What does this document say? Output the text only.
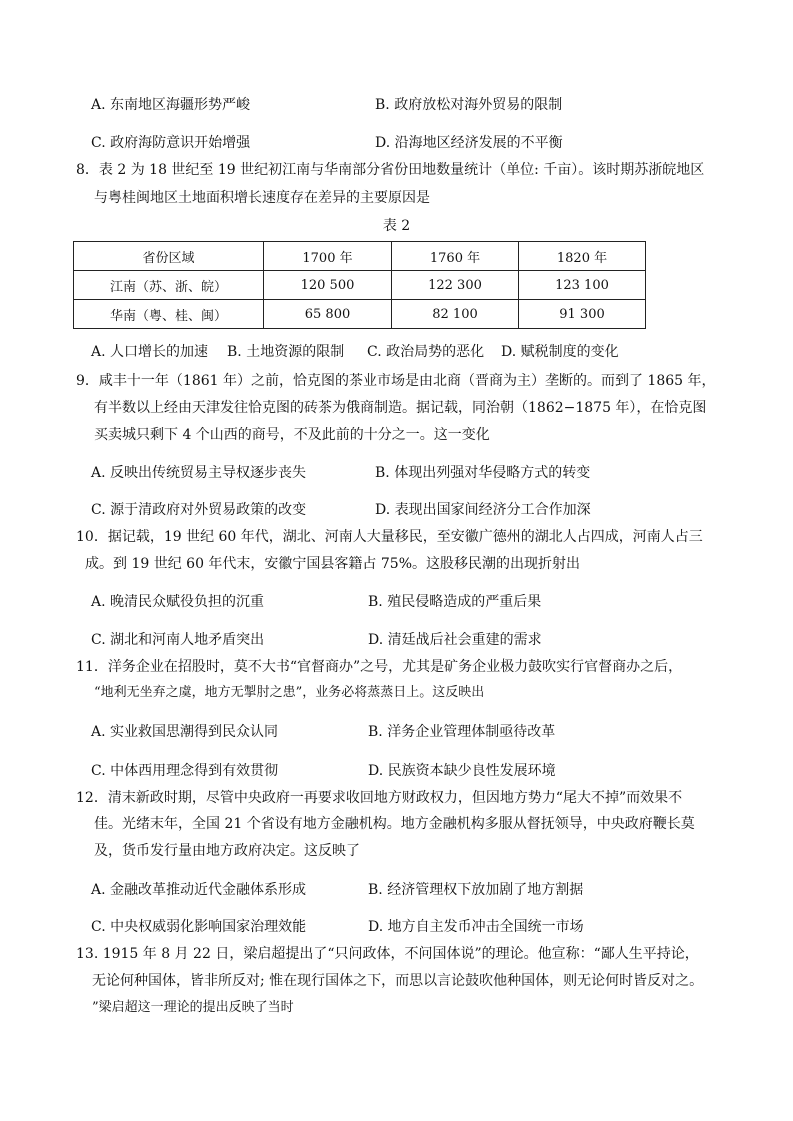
A. 东南地区海疆形势严峻	B. 政府放松对海外贸易的限制
C. 政府海防意识开始增强	D. 沿海地区经济发展的不平衡
8．表 2 为 18 世纪至 19 世纪初江南与华南部分省份田地数量统计（单位: 千亩）。该时期苏浙皖地区
与粤桂闽地区土地面积增长速度存在差异的主要原因是
表 2
省份区域	1700 年	1760 年	1820 年
江南（苏、浙、皖）	120 500	122 300	123 100
华南（粤、桂、闽）	65 800	82 100	91 300
A. 人口增长的加速 B. 土地资源的限制 C. 政治局势的恶化 D. 赋税制度的变化
9．咸丰十一年（1861 年）之前，恰克图的茶业市场是由北商（晋商为主）垄断的。而到了 1865 年，
有半数以上经由天津发往恰克图的砖茶为俄商制造。据记载，同治朝（1862−1875 年），在恰克图
买卖城只剩下 4 个山西的商号，不及此前的十分之一。这一变化
A. 反映出传统贸易主导权逐步丧失	B. 体现出列强对华侵略方式的转变
C. 源于清政府对外贸易政策的改变	D. 表现出国家间经济分工合作加深
10．据记载，19 世纪 60 年代，湖北、河南人大量移民，至安徽广德州的湖北人占四成，河南人占三
成。到 19 世纪 60 年代末，安徽宁国县客籍占 75%。这股移民潮的出现折射出
A. 晚清民众赋役负担的沉重	B. 殖民侵略造成的严重后果
C. 湖北和河南人地矛盾突出	D. 清廷战后社会重建的需求
11．洋务企业在招股时，莫不大书“官督商办”之号，尤其是矿务企业极力鼓吹实行官督商办之后，
“地利无坐弃之虞，地方无掣肘之患”，业务必将蒸蒸日上。这反映出
A. 实业救国思潮得到民众认同	B. 洋务企业管理体制亟待改革
C. 中体西用理念得到有效贯彻	D. 民族资本缺少良性发展环境
12．清末新政时期，尽管中央政府一再要求收回地方财政权力，但因地方势力“尾大不掉”而效果不
佳。光绪末年，全国 21 个省设有地方金融机构。地方金融机构多服从督抚领导，中央政府鞭长莫
及，货币发行量由地方政府决定。这反映了
A. 金融改革推动近代金融体系形成	B. 经济管理权下放加剧了地方割据
C. 中央权威弱化影响国家治理效能	D. 地方自主发币冲击全国统一市场
13. 1915 年 8 月 22 日，梁启超提出了“只问政体，不问国体说”的理论。他宣称：“鄙人生平持论，
无论何种国体，皆非所反对; 惟在现行国体之下，而思以言论鼓吹他种国体，则无论何时皆反对之。
”梁启超这一理论的提出反映了当时
